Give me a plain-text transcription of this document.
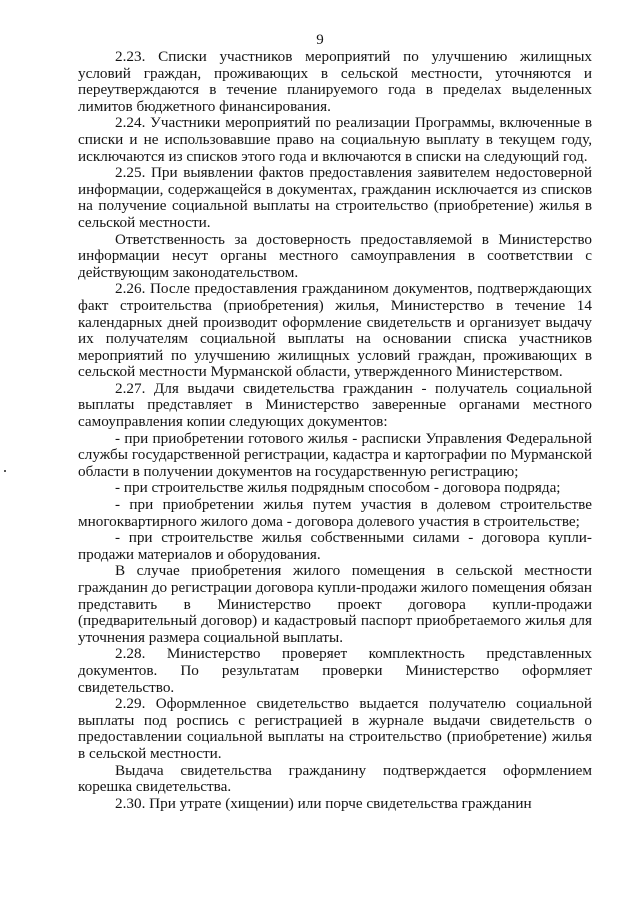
9

2.23. Списки участников мероприятий по улучшению жилищных условий граждан, проживающих в сельской местности, уточняются и переутверждаются в течение планируемого года в пределах выделенных лимитов бюджетного финансирования.

2.24. Участники мероприятий по реализации Программы, включенные в списки и не использовавшие право на социальную выплату в текущем году, исключаются из списков этого года и включаются в списки на следующий год.

2.25. При выявлении фактов предоставления заявителем недостоверной информации, содержащейся в документах, гражданин исключается из списков на получение социальной выплаты на строительство (приобретение) жилья в сельской местности.

Ответственность за достоверность предоставляемой в Министерство информации несут органы местного самоуправления в соответствии с действующим законодательством.

2.26. После предоставления гражданином документов, подтверждающих факт строительства (приобретения) жилья, Министерство в течение 14 календарных дней производит оформление свидетельств и организует выдачу их получателям социальной выплаты на основании списка участников мероприятий по улучшению жилищных условий граждан, проживающих в сельской местности Мурманской области, утвержденного Министерством.

2.27. Для выдачи свидетельства гражданин - получатель социальной выплаты представляет в Министерство заверенные органами местного самоуправления копии следующих документов:

- при приобретении готового жилья - расписки Управления Федеральной службы государственной регистрации, кадастра и картографии по Мурманской области в получении документов на государственную регистрацию;

- при строительстве жилья подрядным способом - договора подряда;

- при приобретении жилья путем участия в долевом строительстве многоквартирного жилого дома - договора долевого участия в строительстве;

- при строительстве жилья собственными силами - договора купли-продажи материалов и оборудования.

В случае приобретения жилого помещения в сельской местности гражданин до регистрации договора купли-продажи жилого помещения обязан представить в Министерство проект договора купли-продажи (предварительный договор) и кадастровый паспорт приобретаемого жилья для уточнения размера социальной выплаты.

2.28. Министерство проверяет комплектность представленных документов. По результатам проверки Министерство оформляет свидетельство.

2.29. Оформленное свидетельство выдается получателю социальной выплаты под роспись с регистрацией в журнале выдачи свидетельств о предоставлении социальной выплаты на строительство (приобретение) жилья в сельской местности.

Выдача свидетельства гражданину подтверждается оформлением корешка свидетельства.

2.30. При утрате (хищении) или порче свидетельства гражданин
